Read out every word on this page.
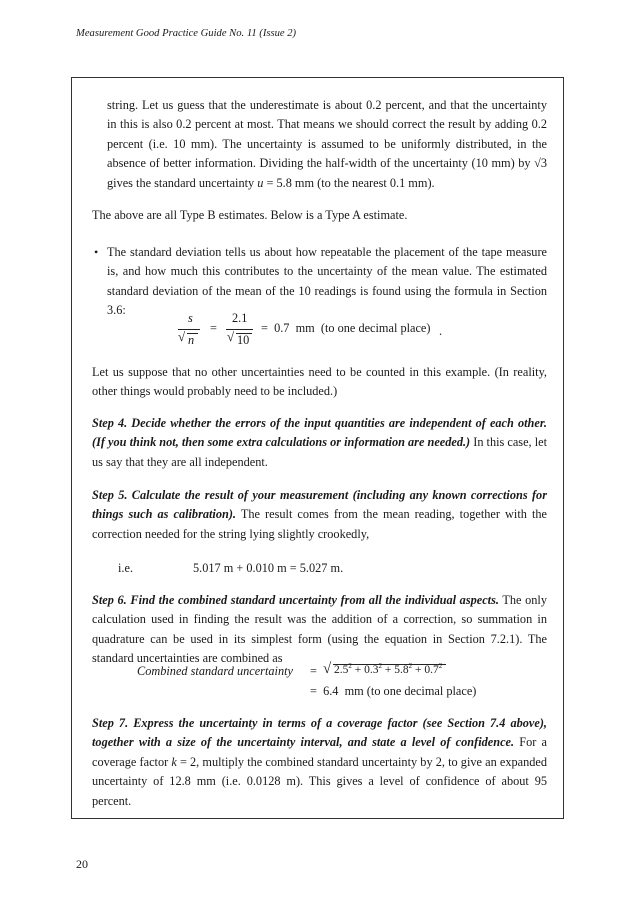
Measurement Good Practice Guide No. 11 (Issue 2)

string. Let us guess that the underestimate is about 0.2 percent, and that the uncertainty in this is also 0.2 percent at most. That means we should correct the result by adding 0.2 percent (i.e. 10 mm). The uncertainty is assumed to be uniformly distributed, in the absence of better information. Dividing the half-width of the uncertainty (10 mm) by √3 gives the standard uncertainty u = 5.8 mm (to the nearest 0.1 mm).

The above are all Type B estimates. Below is a Type A estimate.

• The standard deviation tells us about how repeatable the placement of the tape measure is, and how much this contributes to the uncertainty of the mean value. The estimated standard deviation of the mean of the 10 readings is found using the formula in Section 3.6:

s
√ n
=
2.1
√ 10
=  0.7  mm  (to one decimal place) .

Let us suppose that no other uncertainties need to be counted in this example. (In reality, other things would probably need to be included.)

Step 4. Decide whether the errors of the input quantities are independent of each other. (If you think not, then some extra calculations or information are needed.) In this case, let us say that they are all independent.

Step 5. Calculate the result of your measurement (including any known corrections for things such as calibration). The result comes from the mean reading, together with the correction needed for the string lying slightly crookedly,

i.e.	5.017 m + 0.010 m = 5.027 m.

Step 6. Find the combined standard uncertainty from all the individual aspects. The only calculation used in finding the result was the addition of a correction, so summation in quadrature can be used in its simplest form (using the equation in Section 7.2.1). The standard uncertainties are combined as

Combined standard uncertainty = √ $2.5^2 + 0.3^2 + 5.8^2 + 0.7^2$
=  6.4  mm (to one decimal place)

Step 7. Express the uncertainty in terms of a coverage factor (see Section 7.4 above), together with a size of the uncertainty interval, and state a level of confidence. For a coverage factor k = 2, multiply the combined standard uncertainty by 2, to give an expanded uncertainty of 12.8 mm (i.e. 0.0128 m). This gives a level of confidence of about 95 percent.

20
